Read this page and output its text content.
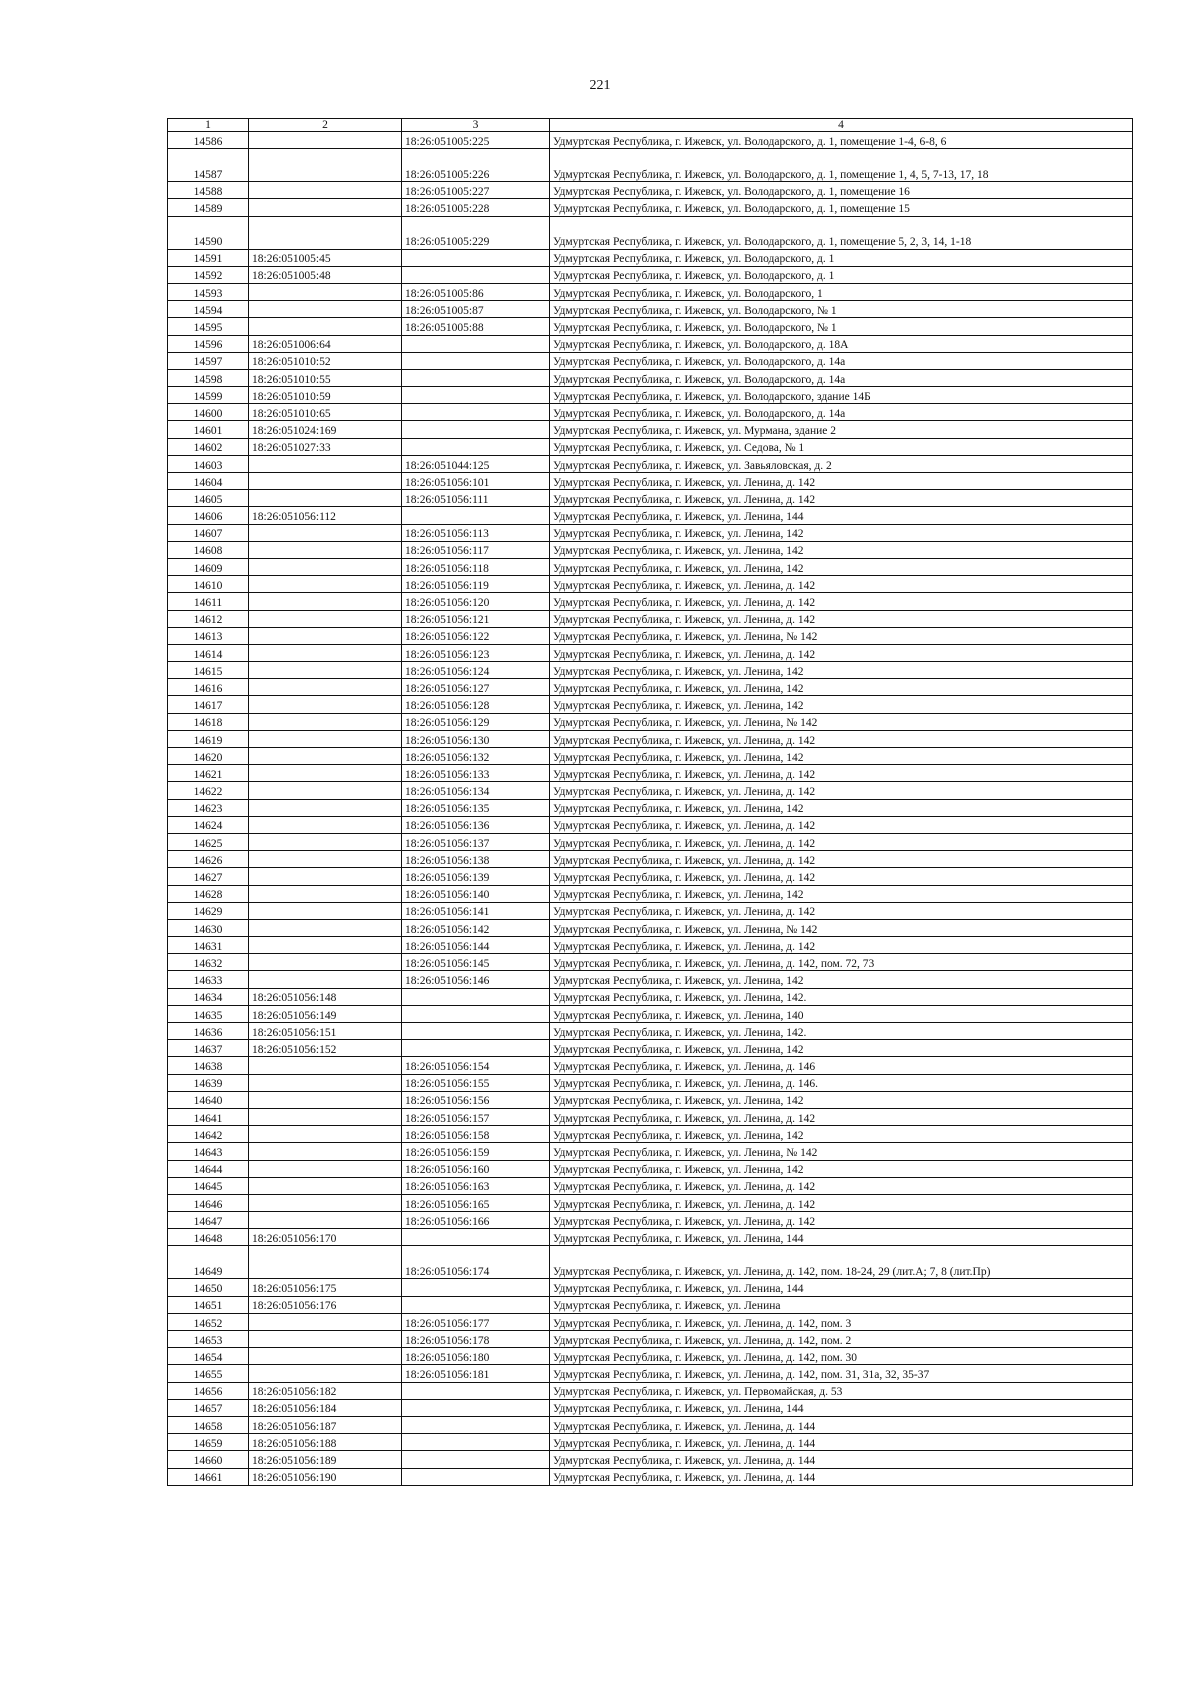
221
1	2	3	4
14586		18:26:051005:225	Удмуртская Республика, г. Ижевск, ул. Володарского, д. 1, помещение 1-4, 6-8, 6
14587		18:26:051005:226	Удмуртская Республика, г. Ижевск, ул. Володарского, д. 1, помещение 1, 4, 5, 7-13, 17, 18
14588		18:26:051005:227	Удмуртская Республика, г. Ижевск, ул. Володарского, д. 1, помещение 16
14589		18:26:051005:228	Удмуртская Республика, г. Ижевск, ул. Володарского, д. 1, помещение 15
14590		18:26:051005:229	Удмуртская Республика, г. Ижевск, ул. Володарского, д. 1, помещение 5, 2, 3, 14, 1-18
14591	18:26:051005:45		Удмуртская Республика, г. Ижевск, ул. Володарского, д. 1
14592	18:26:051005:48		Удмуртская Республика, г. Ижевск, ул. Володарского, д. 1
14593		18:26:051005:86	Удмуртская Республика, г. Ижевск, ул. Володарского, 1
14594		18:26:051005:87	Удмуртская Республика, г. Ижевск, ул. Володарского, № 1
14595		18:26:051005:88	Удмуртская Республика, г. Ижевск, ул. Володарского, № 1
14596	18:26:051006:64		Удмуртская Республика, г. Ижевск, ул. Володарского, д. 18А
14597	18:26:051010:52		Удмуртская Республика, г. Ижевск, ул. Володарского, д. 14а
14598	18:26:051010:55		Удмуртская Республика, г. Ижевск, ул. Володарского, д. 14а
14599	18:26:051010:59		Удмуртская Республика, г. Ижевск, ул. Володарского, здание 14Б
14600	18:26:051010:65		Удмуртская Республика, г. Ижевск, ул. Володарского, д. 14а
14601	18:26:051024:169		Удмуртская Республика, г. Ижевск, ул. Мурмана, здание 2
14602	18:26:051027:33		Удмуртская Республика, г. Ижевск, ул. Седова, № 1
14603		18:26:051044:125	Удмуртская Республика, г. Ижевск, ул. Завьяловская, д. 2
14604		18:26:051056:101	Удмуртская Республика, г. Ижевск, ул. Ленина, д. 142
14605		18:26:051056:111	Удмуртская Республика, г. Ижевск, ул. Ленина, д. 142
14606	18:26:051056:112		Удмуртская Республика, г. Ижевск, ул. Ленина, 144
14607		18:26:051056:113	Удмуртская Республика, г. Ижевск, ул. Ленина, 142
14608		18:26:051056:117	Удмуртская Республика, г. Ижевск, ул. Ленина, 142
14609		18:26:051056:118	Удмуртская Республика, г. Ижевск, ул. Ленина, 142
14610		18:26:051056:119	Удмуртская Республика, г. Ижевск, ул. Ленина, д. 142
14611		18:26:051056:120	Удмуртская Республика, г. Ижевск, ул. Ленина, д. 142
14612		18:26:051056:121	Удмуртская Республика, г. Ижевск, ул. Ленина, д. 142
14613		18:26:051056:122	Удмуртская Республика, г. Ижевск, ул. Ленина, № 142
14614		18:26:051056:123	Удмуртская Республика, г. Ижевск, ул. Ленина, д. 142
14615		18:26:051056:124	Удмуртская Республика, г. Ижевск, ул. Ленина, 142
14616		18:26:051056:127	Удмуртская Республика, г. Ижевск, ул. Ленина, 142
14617		18:26:051056:128	Удмуртская Республика, г. Ижевск, ул. Ленина, 142
14618		18:26:051056:129	Удмуртская Республика, г. Ижевск, ул. Ленина, № 142
14619		18:26:051056:130	Удмуртская Республика, г. Ижевск, ул. Ленина, д. 142
14620		18:26:051056:132	Удмуртская Республика, г. Ижевск, ул. Ленина, 142
14621		18:26:051056:133	Удмуртская Республика, г. Ижевск, ул. Ленина, д. 142
14622		18:26:051056:134	Удмуртская Республика, г. Ижевск, ул. Ленина, д. 142
14623		18:26:051056:135	Удмуртская Республика, г. Ижевск, ул. Ленина, 142
14624		18:26:051056:136	Удмуртская Республика, г. Ижевск, ул. Ленина, д. 142
14625		18:26:051056:137	Удмуртская Республика, г. Ижевск, ул. Ленина, д. 142
14626		18:26:051056:138	Удмуртская Республика, г. Ижевск, ул. Ленина, д. 142
14627		18:26:051056:139	Удмуртская Республика, г. Ижевск, ул. Ленина, д. 142
14628		18:26:051056:140	Удмуртская Республика, г. Ижевск, ул. Ленина, 142
14629		18:26:051056:141	Удмуртская Республика, г. Ижевск, ул. Ленина, д. 142
14630		18:26:051056:142	Удмуртская Республика, г. Ижевск, ул. Ленина, № 142
14631		18:26:051056:144	Удмуртская Республика, г. Ижевск, ул. Ленина, д. 142
14632		18:26:051056:145	Удмуртская Республика, г. Ижевск, ул. Ленина, д. 142, пом. 72, 73
14633		18:26:051056:146	Удмуртская Республика, г. Ижевск, ул. Ленина, 142
14634	18:26:051056:148		Удмуртская Республика, г. Ижевск, ул. Ленина, 142.
14635	18:26:051056:149		Удмуртская Республика, г. Ижевск, ул. Ленина, 140
14636	18:26:051056:151		Удмуртская Республика, г. Ижевск, ул. Ленина, 142.
14637	18:26:051056:152		Удмуртская Республика, г. Ижевск, ул. Ленина, 142
14638		18:26:051056:154	Удмуртская Республика, г. Ижевск, ул. Ленина, д. 146
14639		18:26:051056:155	Удмуртская Республика, г. Ижевск, ул. Ленина, д. 146.
14640		18:26:051056:156	Удмуртская Республика, г. Ижевск, ул. Ленина, 142
14641		18:26:051056:157	Удмуртская Республика, г. Ижевск, ул. Ленина, д. 142
14642		18:26:051056:158	Удмуртская Республика, г. Ижевск, ул. Ленина, 142
14643		18:26:051056:159	Удмуртская Республика, г. Ижевск, ул. Ленина, № 142
14644		18:26:051056:160	Удмуртская Республика, г. Ижевск, ул. Ленина, 142
14645		18:26:051056:163	Удмуртская Республика, г. Ижевск, ул. Ленина, д. 142
14646		18:26:051056:165	Удмуртская Республика, г. Ижевск, ул. Ленина, д. 142
14647		18:26:051056:166	Удмуртская Республика, г. Ижевск, ул. Ленина, д. 142
14648	18:26:051056:170		Удмуртская Республика, г. Ижевск, ул. Ленина, 144
14649		18:26:051056:174	Удмуртская Республика, г. Ижевск, ул. Ленина, д. 142, пом. 18-24, 29 (лит.А; 7, 8 (лит.Пр)
14650	18:26:051056:175		Удмуртская Республика, г. Ижевск, ул. Ленина, 144
14651	18:26:051056:176		Удмуртская Республика, г. Ижевск, ул. Ленина
14652		18:26:051056:177	Удмуртская Республика, г. Ижевск, ул. Ленина, д. 142, пом. 3
14653		18:26:051056:178	Удмуртская Республика, г. Ижевск, ул. Ленина, д. 142, пом. 2
14654		18:26:051056:180	Удмуртская Республика, г. Ижевск, ул. Ленина, д. 142, пом. 30
14655		18:26:051056:181	Удмуртская Республика, г. Ижевск, ул. Ленина, д. 142, пом. 31, 31а, 32, 35-37
14656	18:26:051056:182		Удмуртская Республика, г. Ижевск, ул. Первомайская, д. 53
14657	18:26:051056:184		Удмуртская Республика, г. Ижевск, ул. Ленина, 144
14658	18:26:051056:187		Удмуртская Республика, г. Ижевск, ул. Ленина, д. 144
14659	18:26:051056:188		Удмуртская Республика, г. Ижевск, ул. Ленина, д. 144
14660	18:26:051056:189		Удмуртская Республика, г. Ижевск, ул. Ленина, д. 144
14661	18:26:051056:190		Удмуртская Республика, г. Ижевск, ул. Ленина, д. 144
